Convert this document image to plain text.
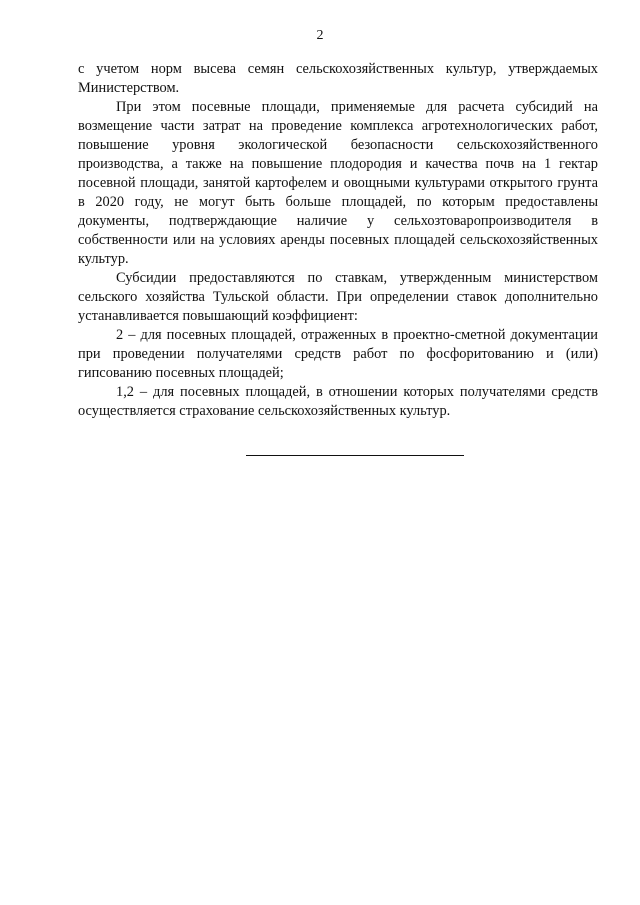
2

с учетом норм высева семян сельскохозяйственных культур, утверждаемых Министерством.

При этом посевные площади, применяемые для расчета субсидий на возмещение части затрат на проведение комплекса агротехнологических работ, повышение уровня экологической безопасности сельскохозяйственного производства, а также на повышение плодородия и качества почв на 1 гектар посевной площади, занятой картофелем и овощными культурами открытого грунта в 2020 году, не могут быть больше площадей, по которым предоставлены документы, подтверждающие наличие у сельхозтоваропроизводителя в собственности или на условиях аренды посевных площадей сельскохозяйственных культур.

Субсидии предоставляются по ставкам, утвержденным министерством сельского хозяйства Тульской области. При определении ставок дополнительно устанавливается повышающий коэффициент:

2 – для посевных площадей, отраженных в проектно-сметной документации при проведении получателями средств работ по фосфоритованию и (или) гипсованию посевных площадей;

1,2 – для посевных площадей, в отношении которых получателями средств осуществляется страхование сельскохозяйственных культур.
